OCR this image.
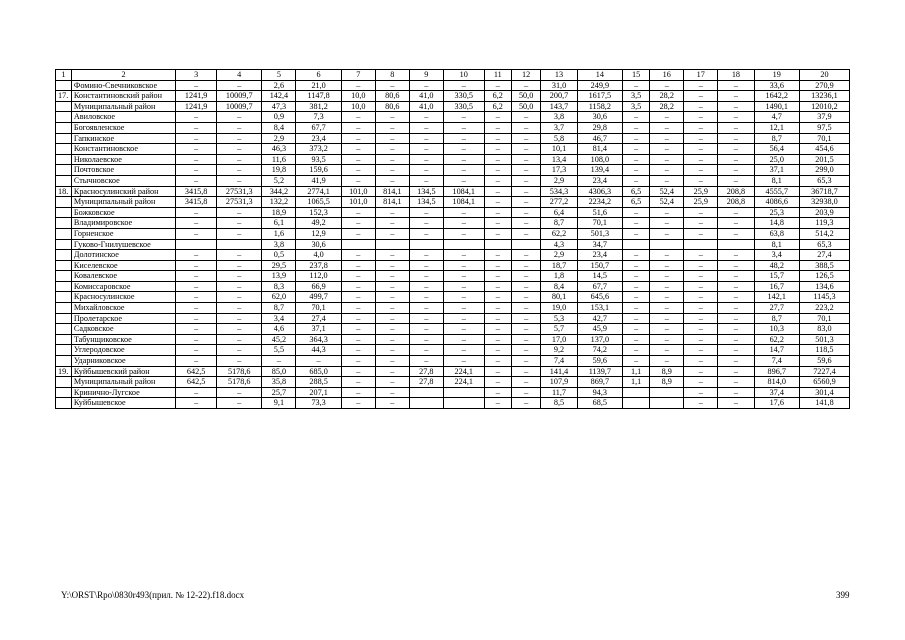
1	2	3	4	5	6	7	8	9	10	11	12	13	14	15	16	17	18	19	20
	Фомино-Свечниковское	–	–	2,6	21,0	–	–	–	–	–	–	31,0	249,9	–	–	–	–	33,6	270,9
17.	Константиновский район	1241,9	10009,7	142,4	1147,8	10,0	80,6	41,0	330,5	6,2	50,0	200,7	1617,5	3,5	28,2	–	–	1642,2	13236,1
	Муниципальный район	1241,9	10009,7	47,3	381,2	10,0	80,6	41,0	330,5	6,2	50,0	143,7	1158,2	3,5	28,2	–	–	1490,1	12010,2
	Авиловское	–	–	0,9	7,3	–	–	–	–	–	–	3,8	30,6	–	–	–	–	4,7	37,9
	Богоявленское	–	–	8,4	67,7	–	–	–	–	–	–	3,7	29,8	–	–	–	–	12,1	97,5
	Гапкинское	–	–	2,9	23,4	–	–	–	–	–	–	5,8	46,7	–	–	–	–	8,7	70,1
	Константиновское	–	–	46,3	373,2	–	–	–	–	–	–	10,1	81,4	–	–	–	–	56,4	454,6
	Николаевское	–	–	11,6	93,5	–	–	–	–	–	–	13,4	108,0	–	–	–	–	25,0	201,5
	Почтовское	–	–	19,8	159,6	–	–	–	–	–	–	17,3	139,4	–	–	–	–	37,1	299,0
	Стычновское	–	–	5,2	41,9	–	–	–	–	–	–	2,9	23,4	–	–	–	–	8,1	65,3
18.	Красносулинский район	3415,8	27531,3	344,2	2774,1	101,0	814,1	134,5	1084,1	–	–	534,3	4306,3	6,5	52,4	25,9	208,8	4555,7	36718,7
	Муниципальный район	3415,8	27531,3	132,2	1065,5	101,0	814,1	134,5	1084,1	–	–	277,2	2234,2	6,5	52,4	25,9	208,8	4086,6	32938,0
	Божковское	–	–	18,9	152,3	–	–	–	–	–	–	6,4	51,6	–	–	–	–	25,3	203,9
	Владимировское	–	–	6,1	49,2	–	–	–	–	–	–	8,7	70,1	–	–	–	–	14,8	119,3
	Горненское	–	–	1,6	12,9	–	–	–	–	–	–	62,2	501,3	–	–	–	–	63,8	514,2
	Гуково-Гнилушевское			3,8	30,6							4,3	34,7					8,1	65,3
	Долотинское	–	–	0,5	4,0	–	–	–	–	–	–	2,9	23,4	–	–	–	–	3,4	27,4
	Киселевское	–	–	29,5	237,8	–	–	–	–	–	–	18,7	150,7	–	–	–	–	48,2	388,5
	Ковалевское	–	–	13,9	112,0	–	–	–	–	–	–	1,8	14,5	–	–	–	–	15,7	126,5
	Комиссаровское	–	–	8,3	66,9	–	–	–	–	–	–	8,4	67,7	–	–	–	–	16,7	134,6
	Красносулинское	–	–	62,0	499,7	–	–	–	–	–	–	80,1	645,6	–	–	–	–	142,1	1145,3
	Михайловское	–	–	8,7	70,1	–	–	–	–	–	–	19,0	153,1	–	–	–	–	27,7	223,2
	Пролетарское	–	–	3,4	27,4	–	–	–	–	–	–	5,3	42,7	–	–	–	–	8,7	70,1
	Садковское	–	–	4,6	37,1	–	–	–	–	–	–	5,7	45,9	–	–	–	–	10,3	83,0
	Табунщиковское	–	–	45,2	364,3	–	–	–	–	–	–	17,0	137,0	–	–	–	–	62,2	501,3
	Углеродовское	–	–	5,5	44,3	–	–	–	–	–	–	9,2	74,2	–	–	–	–	14,7	118,5
	Ударниковское	–	–	–	–	–	–	–	–	–	–	7,4	59,6	–	–	–	–	7,4	59,6
19.	Куйбышевский район	642,5	5178,6	85,0	685,0	–	–	27,8	224,1	–	–	141,4	1139,7	1,1	8,9	–	–	896,7	7227,4
	Муниципальный район	642,5	5178,6	35,8	288,5	–	–	27,8	224,1	–	–	107,9	869,7	1,1	8,9	–	–	814,0	6560,9
	Кринично-Лугское	–	–	25,7	207,1	–	–			–	–	11,7	94,3			–	–	37,4	301,4
	Куйбышевское	–	–	9,1	73,3	–	–			–	–	8,5	68,5			–	–	17,6	141,8
Y:\ORST\Rpo\0830r493(прил. № 12-22).f18.docx	399
